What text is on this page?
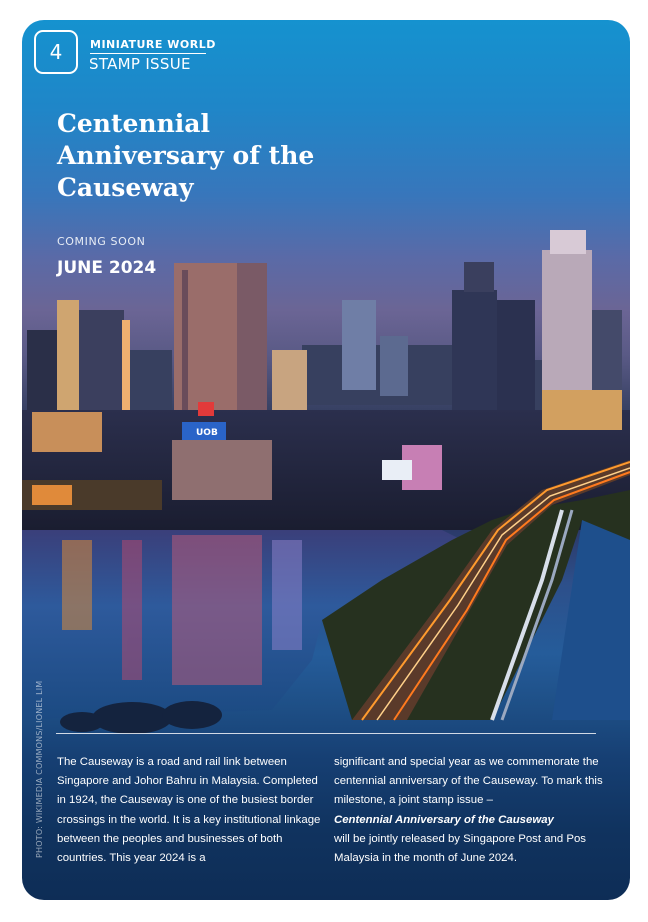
UOB
4	MINIATURE WORLD
STAMP ISSUE
Centennial Anniversary of the Causeway
COMING SOON
JUNE 2024
PHOTO: WIKIMEDIA COMMONS/LIONEL LIM The Causeway is a road and rail link between Singapore and Johor Bahru in Malaysia. Completed in 1924, the Causeway is one of the busiest border crossings in the world. It is a key institutional linkage between the peoples and businesses of both countries. This year 2024 is a

significant and special year as we commemorate the centennial anniversary of the Causeway. To mark this milestone, a joint stamp issue –
Centennial Anniversary of the Causeway
will be jointly released by Singapore Post and Pos Malaysia in the month of June 2024.
